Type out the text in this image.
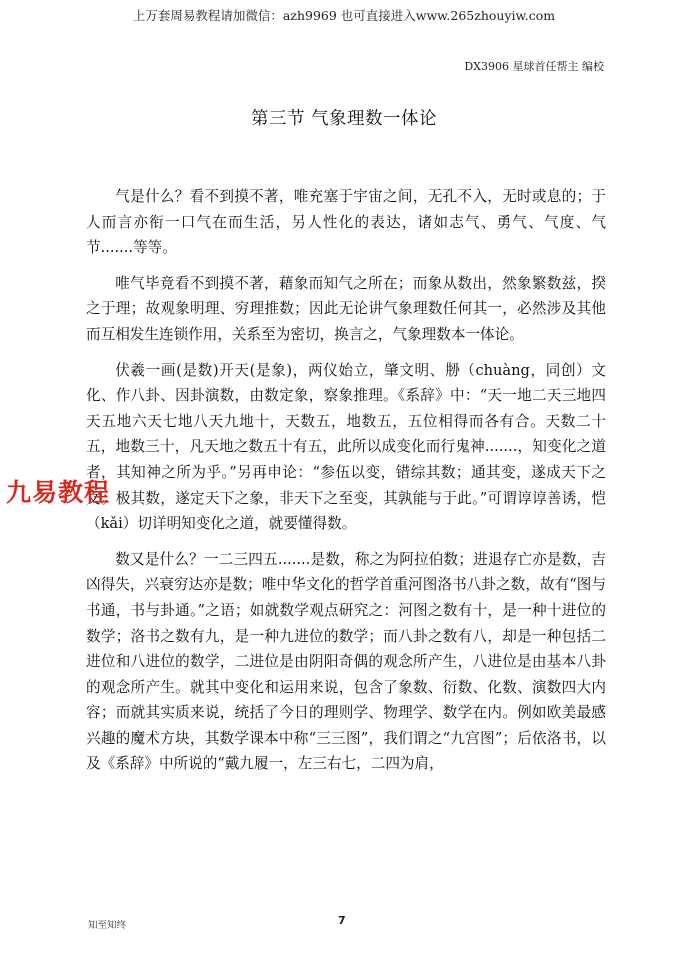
上万套周易教程请加微信：azh9969 也可直接进入www.265zhouyiw.com
DX3906 星球首任帮主 编校
第三节 气象理数一体论

气是什么？看不到摸不著，唯充塞于宇宙之间，无孔不入，无时或息的；于人而言亦衔一口气在而生活，另人性化的表达，诸如志气、勇气、气度、气节.......等等。

唯气毕竟看不到摸不著，藉象而知气之所在；而象从数出，然象繁数兹，揆之于理；故观象明理、穷理推数；因此无论讲气象理数任何其一，必然涉及其他而互相发生连锁作用，关系至为密切，换言之，气象理数本一体论。

伏羲一画(是数)开天(是象)，两仪始立，肇文明、刱（chuàng，同创）文化、作八卦、因卦演数，由数定象，察象推理。《系辞》中：“天一地二天三地四天五地六天七地八天九地十，天数五，地数五，五位相得而各有合。天数二十五，地数三十，凡天地之数五十有五，此所以成变化而行鬼神.......，知变化之道者，其知神之所为乎。”另再申论：“参伍以变，错综其数；通其变，遂成天下之文。极其数，遂定天下之象，非天下之至变，其孰能与于此。”可谓谆谆善诱，恺（kǎi）切详明知变化之道，就要懂得数。

数又是什么？一二三四五.......是数，称之为阿拉伯数；进退存亡亦是数，吉凶得失，兴衰穷达亦是数；唯中华文化的哲学首重河图洛书八卦之数，故有“图与书通，书与卦通。”之语；如就数学观点研究之：河图之数有十，是一种十进位的数学；洛书之数有九，是一种九进位的数学；而八卦之数有八，却是一种包括二进位和八进位的数学，二进位是由阴阳奇偶的观念所产生，八进位是由基本八卦的观念所产生。就其中变化和运用来说，包含了象数、衍数、化数、演数四大内容；而就其实质来说，统括了今日的理则学、物理学、数学在内。例如欧美最感兴趣的魔术方块，其数学课本中称“三三图”，我们谓之“九宫图”；后依洛书，以及《系辞》中所说的“戴九履一，左三右七，二四为肩，

九易教程
知至知终	7
